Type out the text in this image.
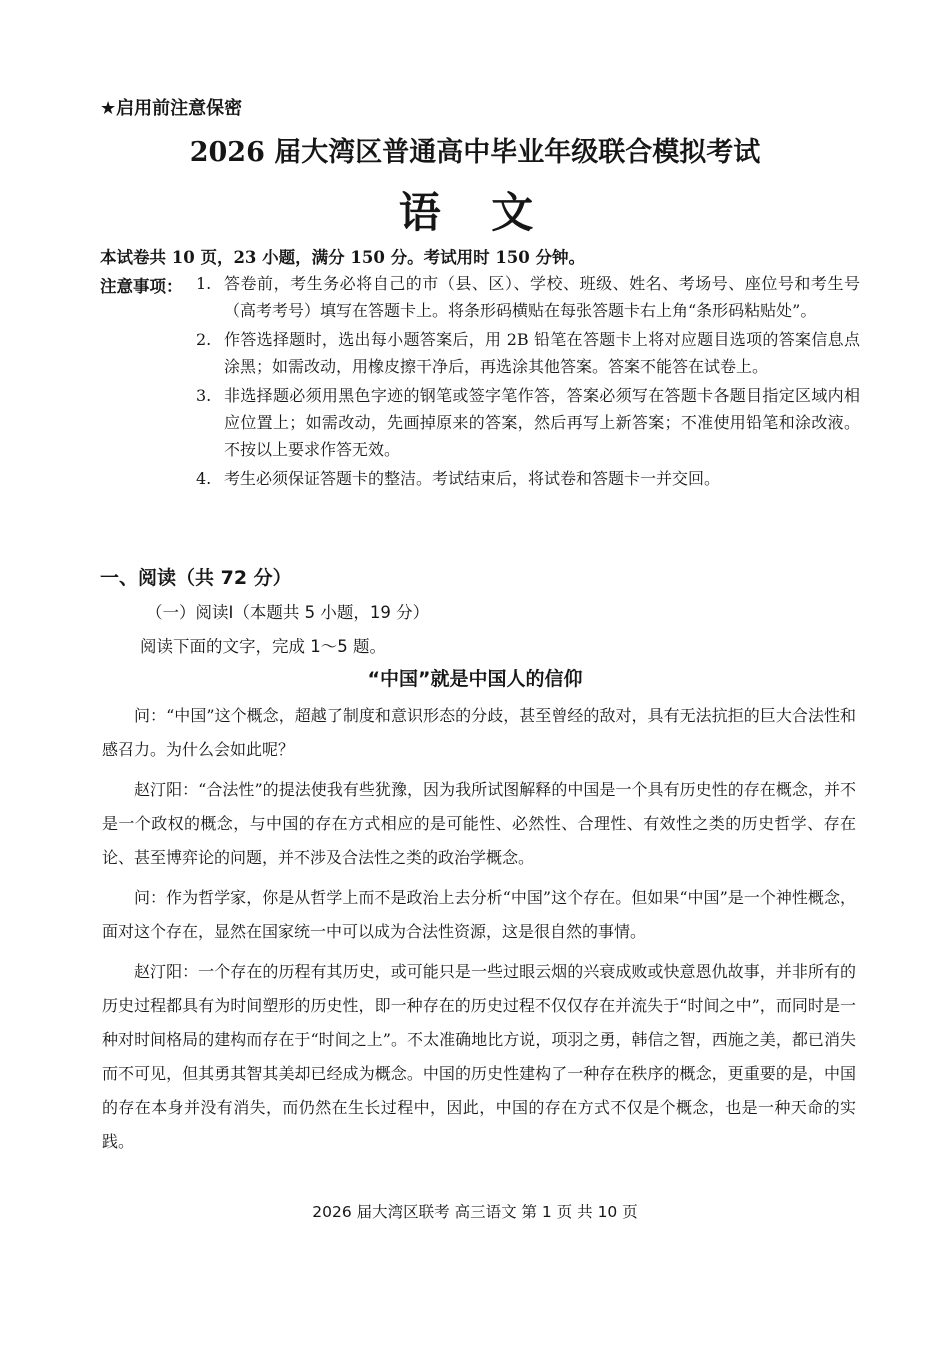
★启用前注意保密
2026 届大湾区普通高中毕业年级联合模拟考试
语 文
本试卷共 10 页，23 小题，满分 150 分。考试用时 150 分钟。
注意事项： 1. 答卷前，考生务必将自己的市（县、区）、学校、班级、姓名、考场号、座位号和考生号（高考考号）填写在答题卡上。将条形码横贴在每张答题卡右上角“条形码粘贴处”。
2. 作答选择题时，选出每小题答案后，用 2B 铅笔在答题卡上将对应题目选项的答案信息点涂黑；如需改动，用橡皮擦干净后，再选涂其他答案。答案不能答在试卷上。
3. 非选择题必须用黑色字迹的钢笔或签字笔作答，答案必须写在答题卡各题目指定区域内相应位置上；如需改动，先画掉原来的答案，然后再写上新答案；不准使用铅笔和涂改液。不按以上要求作答无效。
4. 考生必须保证答题卡的整洁。考试结束后，将试卷和答题卡一并交回。
一、阅读（共 72 分）
（一）阅读Ⅰ（本题共 5 小题，19 分）
阅读下面的文字，完成 1～5 题。
“中国”就是中国人的信仰

问：“中国”这个概念，超越了制度和意识形态的分歧，甚至曾经的敌对，具有无法抗拒的巨大合法性和感召力。为什么会如此呢？

赵汀阳：“合法性”的提法使我有些犹豫，因为我所试图解释的中国是一个具有历史性的存在概念，并不是一个政权的概念，与中国的存在方式相应的是可能性、必然性、合理性、有效性之类的历史哲学、存在论、甚至博弈论的问题，并不涉及合法性之类的政治学概念。

问：作为哲学家，你是从哲学上而不是政治上去分析“中国”这个存在。但如果“中国”是一个神性概念，面对这个存在，显然在国家统一中可以成为合法性资源，这是很自然的事情。

赵汀阳：一个存在的历程有其历史，或可能只是一些过眼云烟的兴衰成败或快意恩仇故事，并非所有的历史过程都具有为时间塑形的历史性，即一种存在的历史过程不仅仅存在并流失于“时间之中”，而同时是一种对时间格局的建构而存在于“时间之上”。不太准确地比方说，项羽之勇，韩信之智，西施之美，都已消失而不可见，但其勇其智其美却已经成为概念。中国的历史性建构了一种存在秩序的概念，更重要的是，中国的存在本身并没有消失，而仍然在生长过程中，因此，中国的存在方式不仅是个概念，也是一种天命的实践。

2026 届大湾区联考 高三语文 第 1 页 共 10 页
